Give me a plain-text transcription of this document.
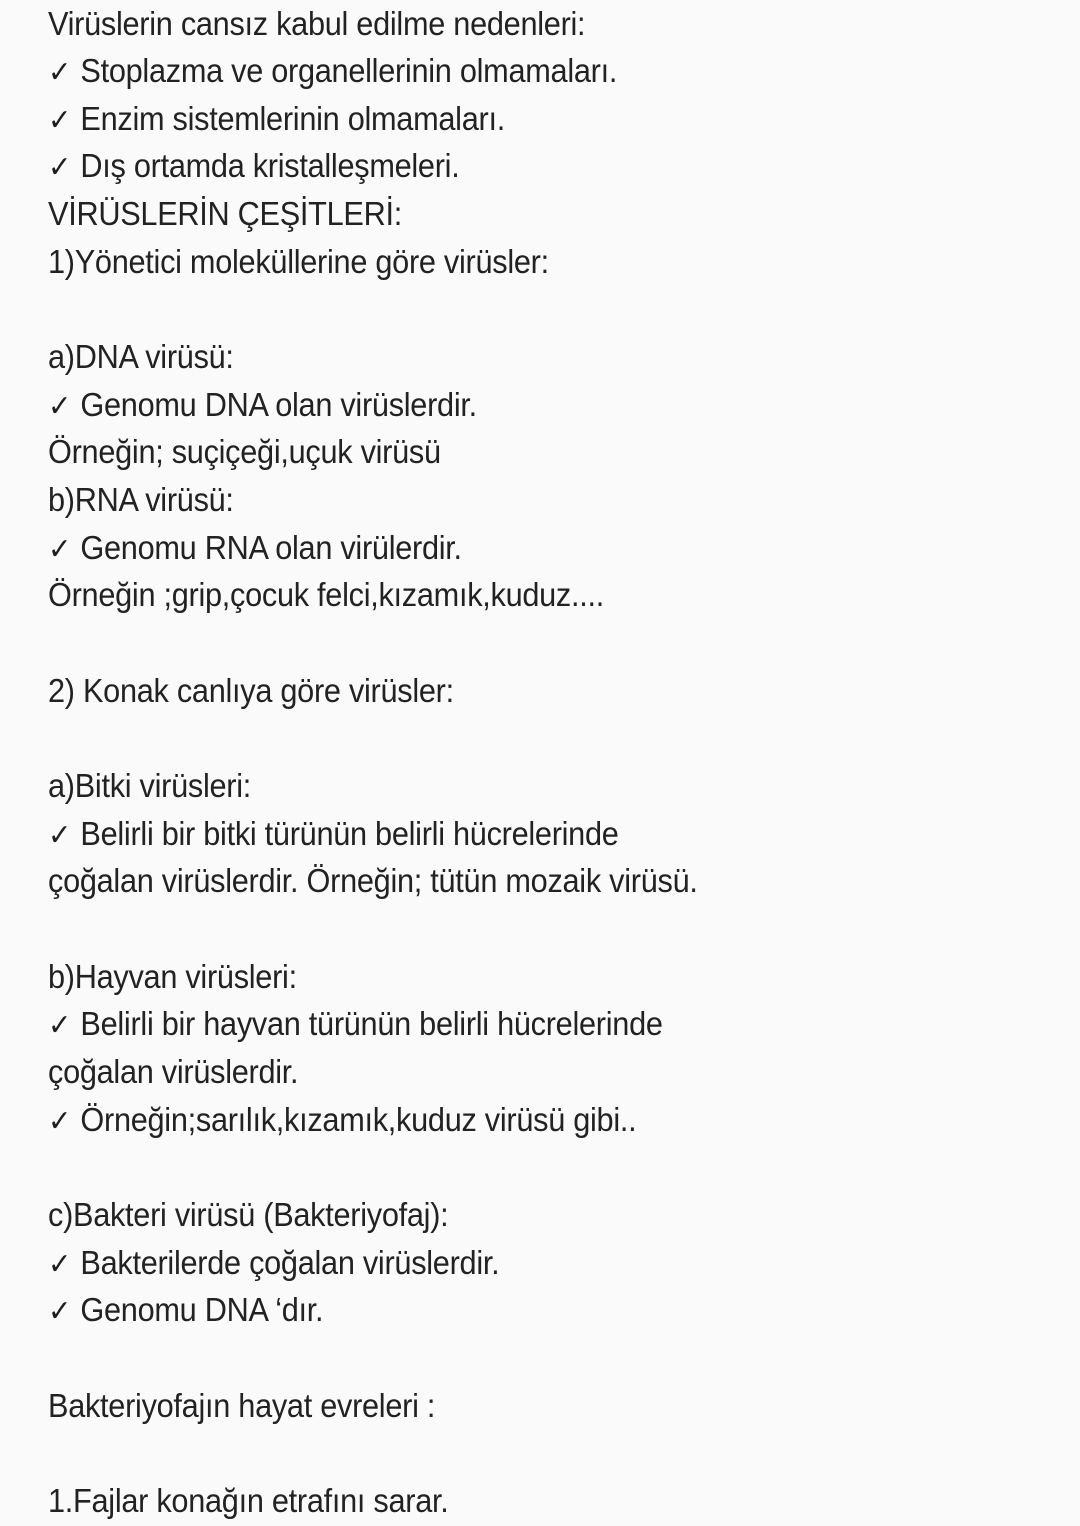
Virüslerin cansız kabul edilme nedenleri:
✓ Stoplazma ve organellerinin olmamaları.
✓ Enzim sistemlerinin olmamaları.
✓ Dış ortamda kristalleşmeleri.
VİRÜSLERİN ÇEŞİTLERİ:
1)Yönetici moleküllerine göre virüsler:
a)DNA virüsü:
✓ Genomu DNA olan virüslerdir.
Örneğin; suçiçeği,uçuk virüsü
b)RNA virüsü:
✓ Genomu RNA olan virülerdir.
Örneğin ;grip,çocuk felci,kızamık,kuduz....
2) Konak canlıya göre virüsler:
a)Bitki virüsleri:
✓ Belirli bir bitki türünün belirli hücrelerinde
çoğalan virüslerdir. Örneğin; tütün mozaik virüsü.
b)Hayvan virüsleri:
✓ Belirli bir hayvan türünün belirli hücrelerinde
çoğalan virüslerdir.
✓ Örneğin;sarılık,kızamık,kuduz virüsü gibi..
c)Bakteri virüsü (Bakteriyofaj):
✓ Bakterilerde çoğalan virüslerdir.
✓ Genomu DNA ‘dır.
Bakteriyofajın hayat evreleri :
1.Fajlar konağın etrafını sarar.
